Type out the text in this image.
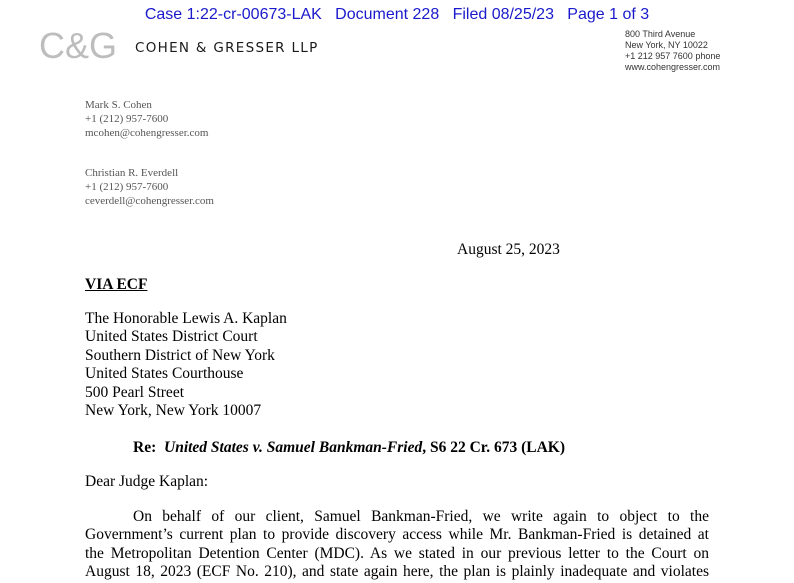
Case 1:22-cr-00673-LAK   Document 228   Filed 08/25/23   Page 1 of 3
C&G COHEN & GRESSER LLP
800 Third Avenue
New York, NY 10022
+1 212 957 7600 phone
www.cohengresser.com
Mark S. Cohen
+1 (212) 957-7600
mcohen@cohengresser.com
Christian R. Everdell
+1 (212) 957-7600
ceverdell@cohengresser.com
August 25, 2023
VIA ECF
The Honorable Lewis A. Kaplan
United States District Court
Southern District of New York
United States Courthouse
500 Pearl Street
New York, New York 10007
Re: United States v. Samuel Bankman-Fried, S6 22 Cr. 673 (LAK)
Dear Judge Kaplan:
On behalf of our client, Samuel Bankman-Fried, we write again to object to the
Government’s current plan to provide discovery access while Mr. Bankman-Fried is detained at
the Metropolitan Detention Center (MDC). As we stated in our previous letter to the Court on
August 18, 2023 (ECF No. 210), and state again here, the plan is plainly inadequate and violates
